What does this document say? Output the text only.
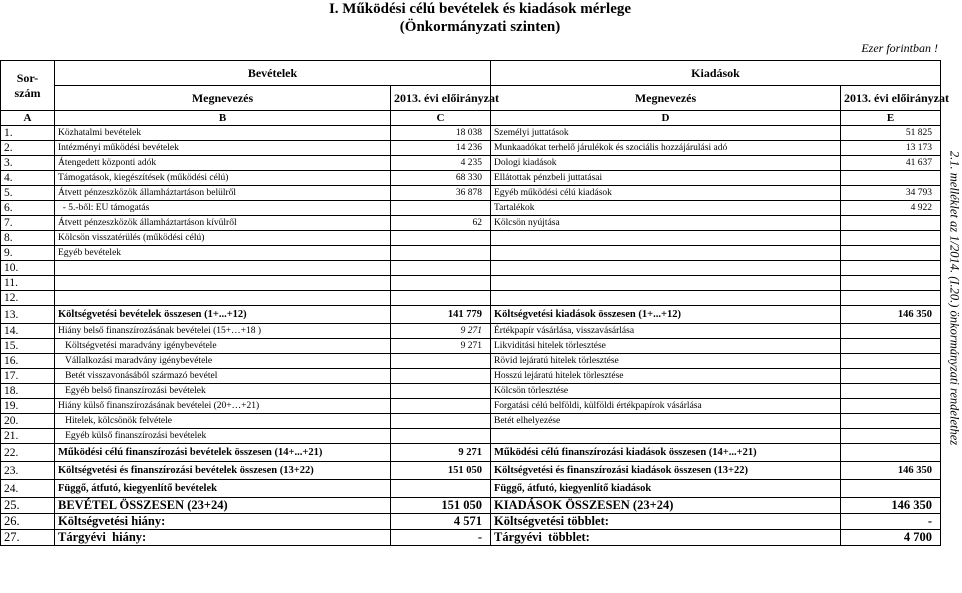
I. Működési célú bevételek és kiadások mérlege
(Önkormányzati szinten)
Ezer forintban !
2.1. melléklet az 1/2014. (I.20.) önkormányzati rendelethez
Sor-
szám	Bevételek		Kiadások	
	Megnevezés	2013. évi előirányzat	Megnevezés	2013. évi előirányzat
A	B	C	D	E
1.	Közhatalmi bevételek	18 038	Személyi juttatások	51 825
2.	Intézményi működési bevételek	14 236	Munkaadókat terhelő járulékok és szociális hozzájárulási adó	13 173
3.	Átengedett központi adók	4 235	Dologi kiadások	41 637
4.	Támogatások, kiegészítések (működési célú)	68 330	Ellátottak pénzbeli juttatásai	
5.	Átvett pénzeszközök államháztartáson belülről	36 878	Egyéb működési célú kiadások	34 793
6.	- 5.-ből: EU támogatás		Tartalékok	4 922
7.	Átvett pénzeszközök államháztartáson kívülről	62	Kölcsön nyújtása	
8.	Kölcsön visszatérülés (működési célú)			
9.	Egyéb bevételek			
10.				
11.				
12.				
13.	Költségvetési bevételek összesen (1+...+12)	141 779	Költségvetési kiadások összesen (1+...+12)	146 350
14.	Hiány belső finanszírozásának bevételei (15+…+18 )	9 271	Értékpapír vásárlása, visszavásárlása	
15.	Költségvetési maradvány igénybevétele	9 271	Likviditási hitelek törlesztése	
16.	Vállalkozási maradvány igénybevétele		Rövid lejáratú hitelek törlesztése	
17.	Betét visszavonásából származó bevétel		Hosszú lejáratú hitelek törlesztése	
18.	Egyéb belső finanszírozási bevételek		Kölcsön törlesztése	
19.	Hiány külső finanszírozásának bevételei (20+…+21)		Forgatási célú belföldi, külföldi értékpapírok vásárlása	
20.	Hitelek, kölcsönök felvétele		Betét elhelyezése	
21.	Egyéb külső finanszírozási bevételek			
22.	Működési célú finanszírozási bevételek összesen (14+...+21)	9 271	Működési célú finanszírozási kiadások összesen (14+...+21)	
23.	Költségvetési és finanszírozási bevételek összesen (13+22)	151 050	Költségvetési és finanszírozási kiadások összesen (13+22)	146 350
24.	Függő, átfutó, kiegyenlítő bevételek		Függő, átfutó, kiegyenlítő kiadások	
25.	BEVÉTEL ÖSSZESEN (23+24)	151 050	KIADÁSOK ÖSSZESEN (23+24)	146 350
26.	Költségvetési hiány:	4 571	Költségvetési többlet:	-
27.	Tárgyévi  hiány:	-	Tárgyévi  többlet:	4 700
